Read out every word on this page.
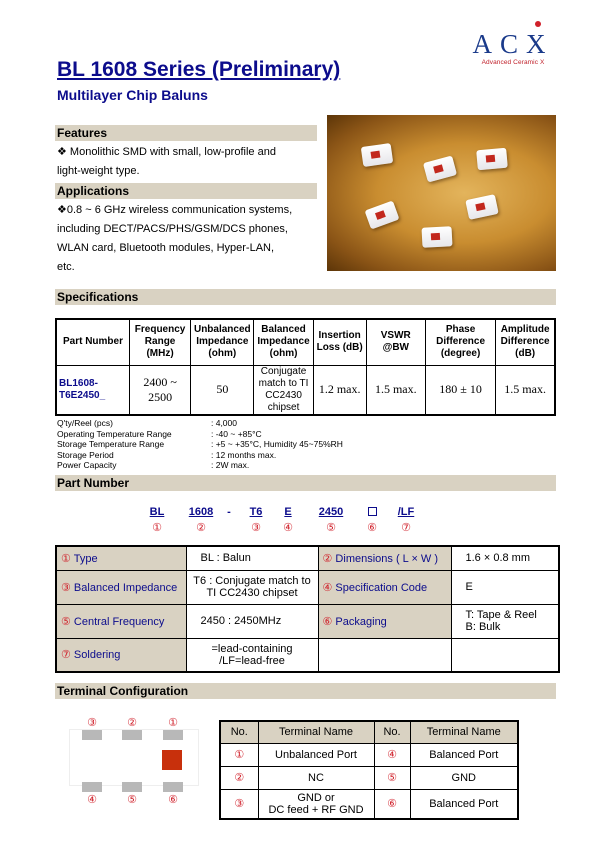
ACX
Advanced Ceramic X
BL 1608 Series (Preliminary)
Multilayer Chip Baluns
Features
❖ Monolithic SMD with small, low-profile and
light-weight type.
Applications
❖0.8 ~ 6 GHz wireless communication systems,
including DECT/PACS/PHS/GSM/DCS phones,
WLAN card, Bluetooth modules, Hyper-LAN,
etc.
Specifications
Part Number	Frequency Range (MHz)	Unbalanced Impedance (ohm)	Balanced Impedance (ohm)	Insertion Loss (dB)	VSWR @BW	Phase Difference (degree)	Amplitude Difference (dB)
BL1608-T6E2450_	2400 ~ 2500	50	Conjugate match to TI CC2430 chipset	1.2 max.	1.5 max.	180 ± 10	1.5 max.
Q'ty/Reel (pcs)	: 4,000
Operating Temperature Range	: -40 ~ +85°C
Storage Temperature Range	: +5 ~ +35°C, Humidity 45~75%RH
Storage Period	: 12 months max.
Power Capacity	: 2W max.
Part Number
BL
①
1608
②
-	T6
③
E
④
2450
⑤	⑥
/LF
⑦
① Type	BL : Balun	② Dimensions ( L × W )	1.6 × 0.8 mm
③ Balanced Impedance	T6 : Conjugate match to
TI CC2430 chipset	④ Specification Code	E
⑤ Central Frequency	2450 : 2450MHz	⑥ Packaging	T: Tape & Reel
B: Bulk

⑦ Soldering	=lead-containing
/LF=lead-free		

Terminal Configuration
③	②	①
④	⑤	⑥
No.	Terminal Name	No.	Terminal Name
①	Unbalanced Port	④	Balanced Port
②	NC	⑤	GND
③	GND or
DC feed + RF GND	⑥	Balanced Port
